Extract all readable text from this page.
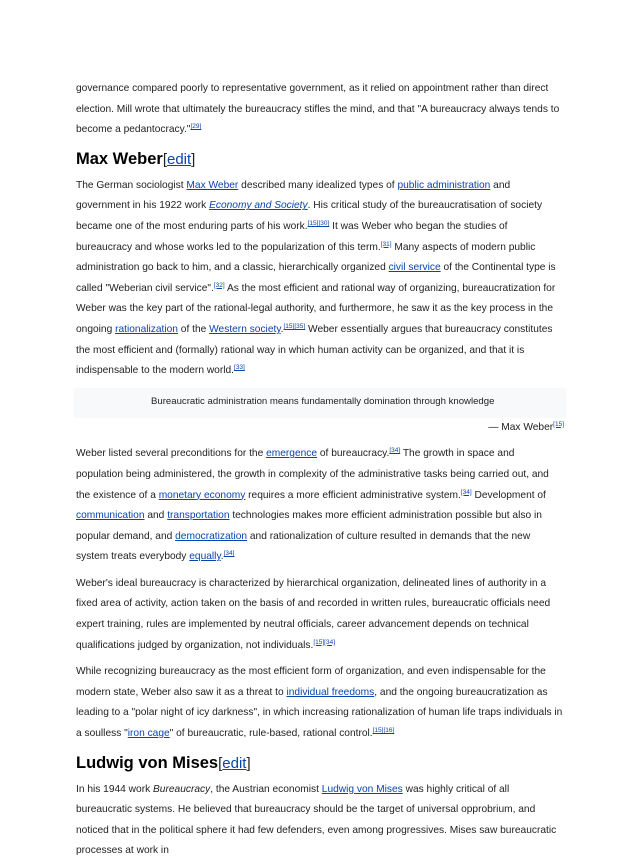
governance compared poorly to representative government, as it relied on appointment rather than direct election. Mill wrote that ultimately the bureaucracy stifles the mind, and that "A bureaucracy always tends to become a pedantocracy."[29]

Max Weber[edit]

The German sociologist Max Weber described many idealized types of public administration and government in his 1922 work Economy and Society. His critical study of the bureaucratisation of society became one of the most enduring parts of his work.[15][30] It was Weber who began the studies of bureaucracy and whose works led to the popularization of this term.[31] Many aspects of modern public administration go back to him, and a classic, hierarchically organized civil service of the Continental type is called "Weberian civil service".[32] As the most efficient and rational way of organizing, bureaucratization for Weber was the key part of the rational-legal authority, and furthermore, he saw it as the key process in the ongoing rationalization of the Western society.[15][35] Weber essentially argues that bureaucracy constitutes the most efficient and (formally) rational way in which human activity can be organized, and that it is indispensable to the modern world.[33]

Bureaucratic administration means fundamentally domination through knowledge
— Max Weber[15]

Weber listed several preconditions for the emergence of bureaucracy.[34] The growth in space and population being administered, the growth in complexity of the administrative tasks being carried out, and the existence of a monetary economy requires a more efficient administrative system.[34] Development of communication and transportation technologies makes more efficient administration possible but also in popular demand, and democratization and rationalization of culture resulted in demands that the new system treats everybody equally.[34]

Weber's ideal bureaucracy is characterized by hierarchical organization, delineated lines of authority in a fixed area of activity, action taken on the basis of and recorded in written rules, bureaucratic officials need expert training, rules are implemented by neutral officials, career advancement depends on technical qualifications judged by organization, not individuals.[15][34]

While recognizing bureaucracy as the most efficient form of organization, and even indispensable for the modern state, Weber also saw it as a threat to individual freedoms, and the ongoing bureaucratization as leading to a "polar night of icy darkness", in which increasing rationalization of human life traps individuals in a soulless "iron cage" of bureaucratic, rule-based, rational control.[15][16]

Ludwig von Mises[edit]

In his 1944 work Bureaucracy, the Austrian economist Ludwig von Mises was highly critical of all bureaucratic systems. He believed that bureaucracy should be the target of universal opprobrium, and noticed that in the political sphere it had few defenders, even among progressives. Mises saw bureaucratic processes at work in
